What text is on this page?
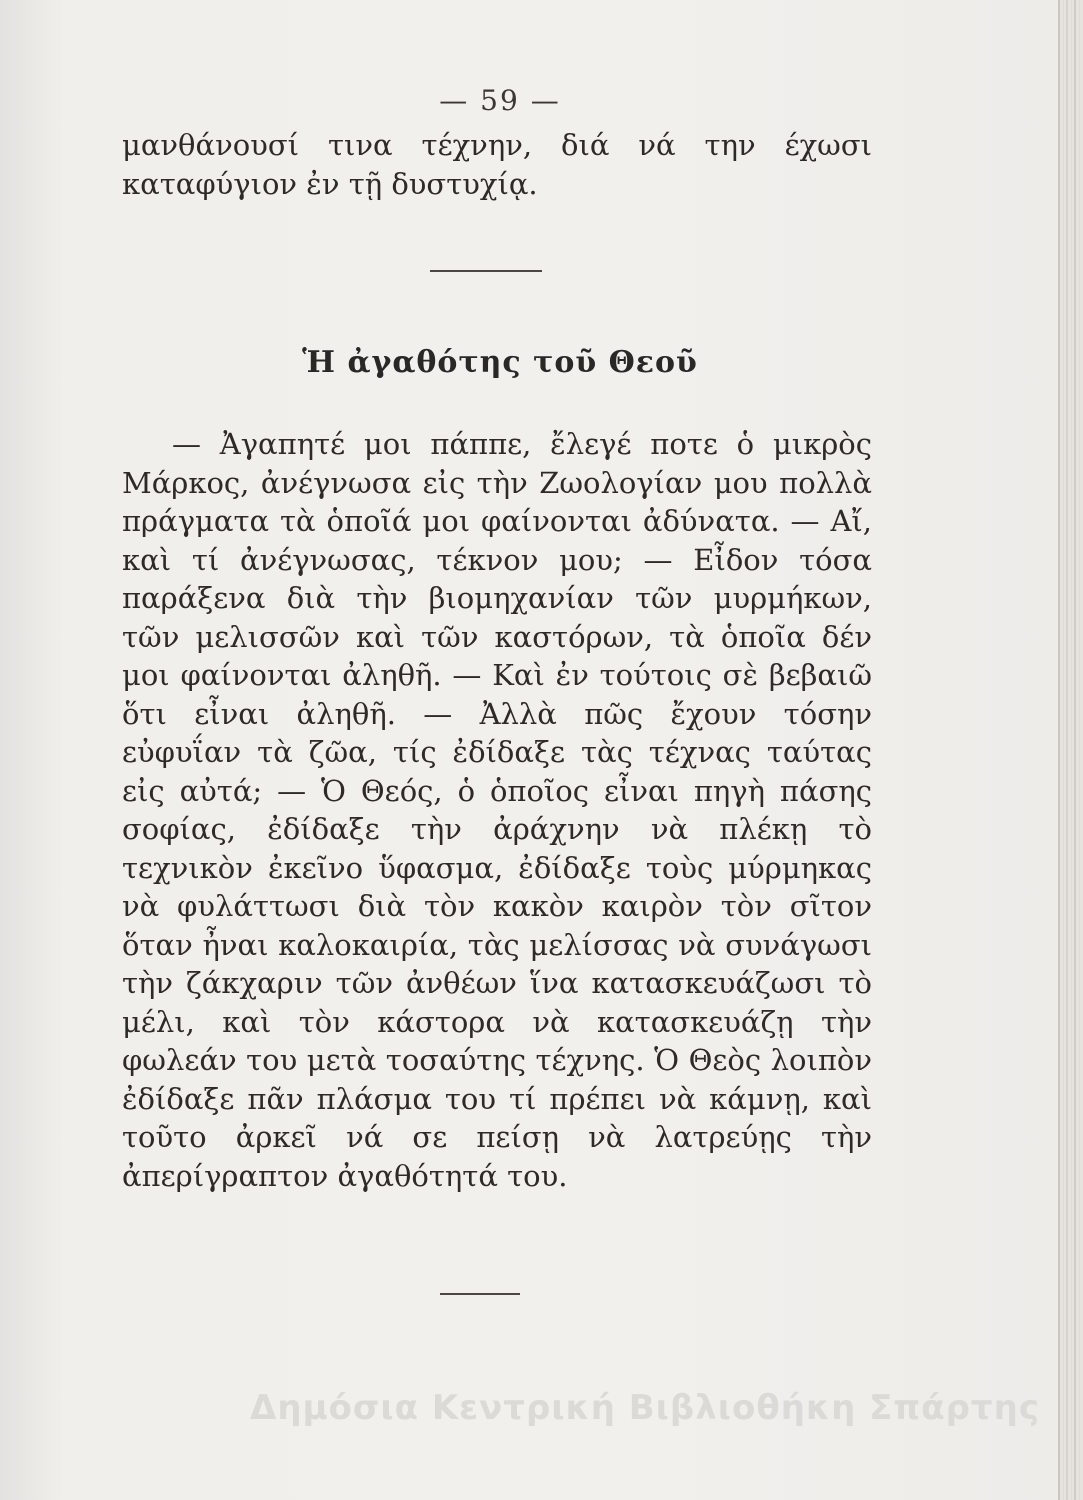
— 59 —

μανθάνουσί τινα τέχνην, διά νά την έχωσι καταφύγιον ἐν τῇ δυστυχίᾳ.

Ἡ ἀγαθότης τοῦ Θεοῦ

— Ἀγαπητέ μοι πάππε, ἔλεγέ ποτε ὁ μικρὸς Μάρκος, ἀνέγνωσα εἰς τὴν Ζωολογίαν μου πολλὰ πράγματα τὰ ὁποῖά μοι φαίνονται ἀδύνατα. — Αἴ, καὶ τί ἀνέγνωσας, τέκνον μου; — Εἶδον τόσα παράξενα διὰ τὴν βιομηχανίαν τῶν μυρμήκων, τῶν μελισσῶν καὶ τῶν καστόρων, τὰ ὁποῖα δέν μοι φαίνονται ἀληθῆ. — Καὶ ἐν τούτοις σὲ βεβαιῶ ὅτι εἶναι ἀληθῆ. — Ἀλλὰ πῶς ἔχουν τόσην εὐφυΐαν τὰ ζῶα, τίς ἐδίδαξε τὰς τέχνας ταύτας εἰς αὐτά; — Ὁ Θεός, ὁ ὁποῖος εἶναι πηγὴ πάσης σοφίας, ἐδίδαξε τὴν ἀράχνην νὰ πλέκῃ τὸ τεχνικὸν ἐκεῖνο ὕφασμα, ἐδίδαξε τοὺς μύρμηκας νὰ φυλάττωσι διὰ τὸν κακὸν καιρὸν τὸν σῖτον ὅταν ἦναι καλοκαιρία, τὰς μελίσσας νὰ συνάγωσι τὴν ζάκχαριν τῶν ἀνθέων ἵνα κατασκευάζωσι τὸ μέλι, καὶ τὸν κάστορα νὰ κατασκευάζῃ τὴν φωλεάν του μετὰ τοσαύτης τέχνης. Ὁ Θεὸς λοιπὸν ἐδίδαξε πᾶν πλάσμα του τί πρέπει νὰ κάμνῃ, καὶ τοῦτο ἀρκεῖ νά σε πείσῃ νὰ λατρεύῃς τὴν ἀπερίγραπτον ἀγαθότητά του.

Δημόσια Κεντρική Βιβλιοθήκη Σπάρτης
